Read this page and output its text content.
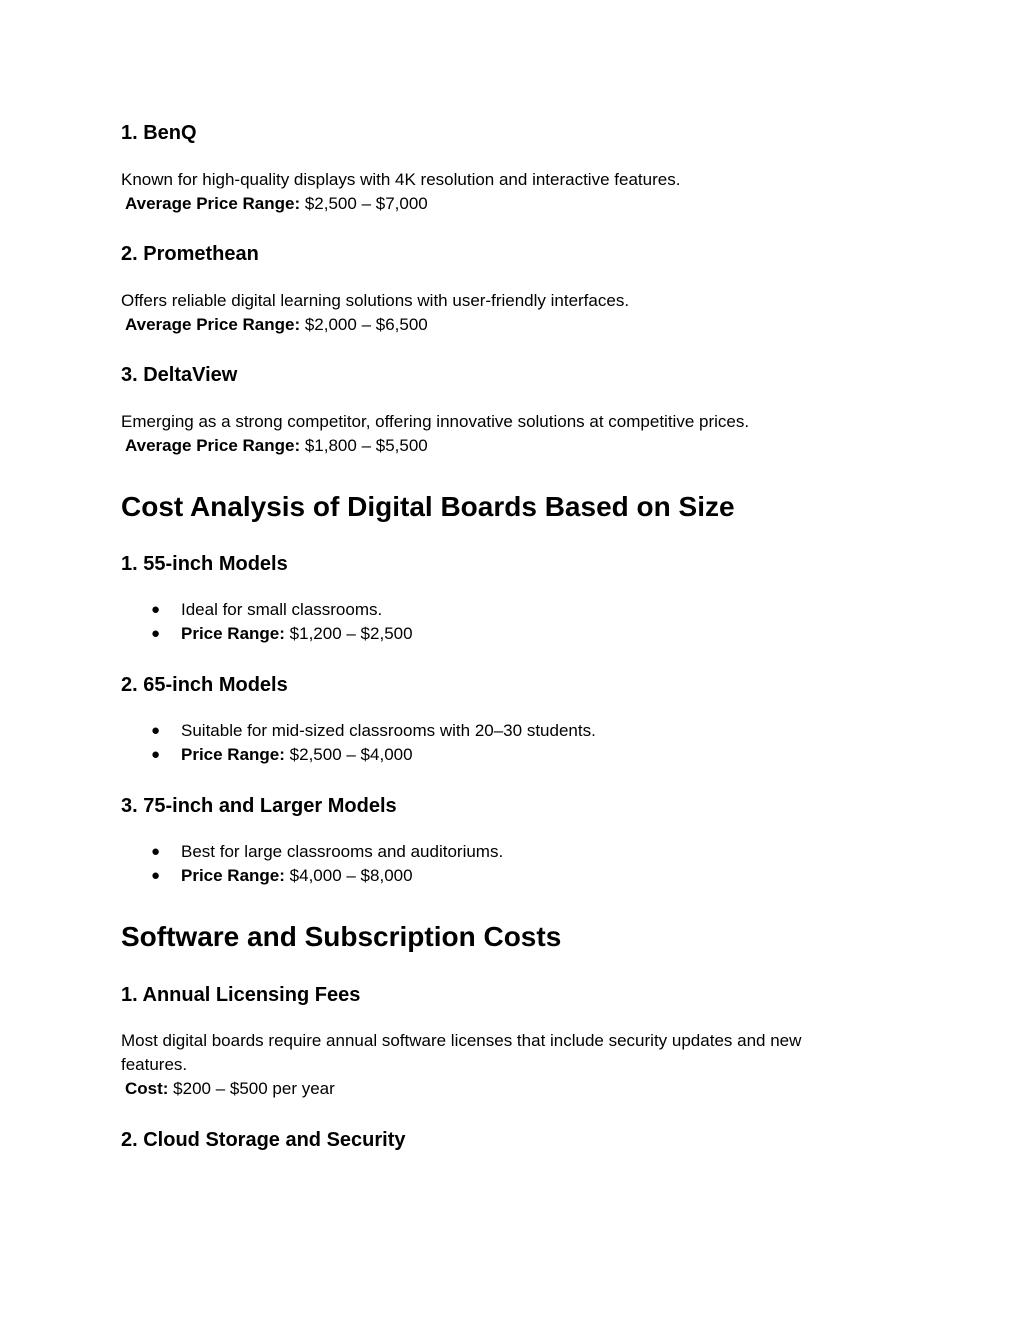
1. BenQ
Known for high-quality displays with 4K resolution and interactive features.
Average Price Range: $2,500 – $7,000
2. Promethean
Offers reliable digital learning solutions with user-friendly interfaces.
Average Price Range: $2,000 – $6,500
3. DeltaView
Emerging as a strong competitor, offering innovative solutions at competitive prices.
Average Price Range: $1,800 – $5,500
Cost Analysis of Digital Boards Based on Size
1. 55-inch Models
● Ideal for small classrooms.
● Price Range: $1,200 – $2,500
2. 65-inch Models
● Suitable for mid-sized classrooms with 20–30 students.
● Price Range: $2,500 – $4,000
3. 75-inch and Larger Models
● Best for large classrooms and auditoriums.
● Price Range: $4,000 – $8,000
Software and Subscription Costs
1. Annual Licensing Fees
Most digital boards require annual software licenses that include security updates and new features.
Cost: $200 – $500 per year
2. Cloud Storage and Security
